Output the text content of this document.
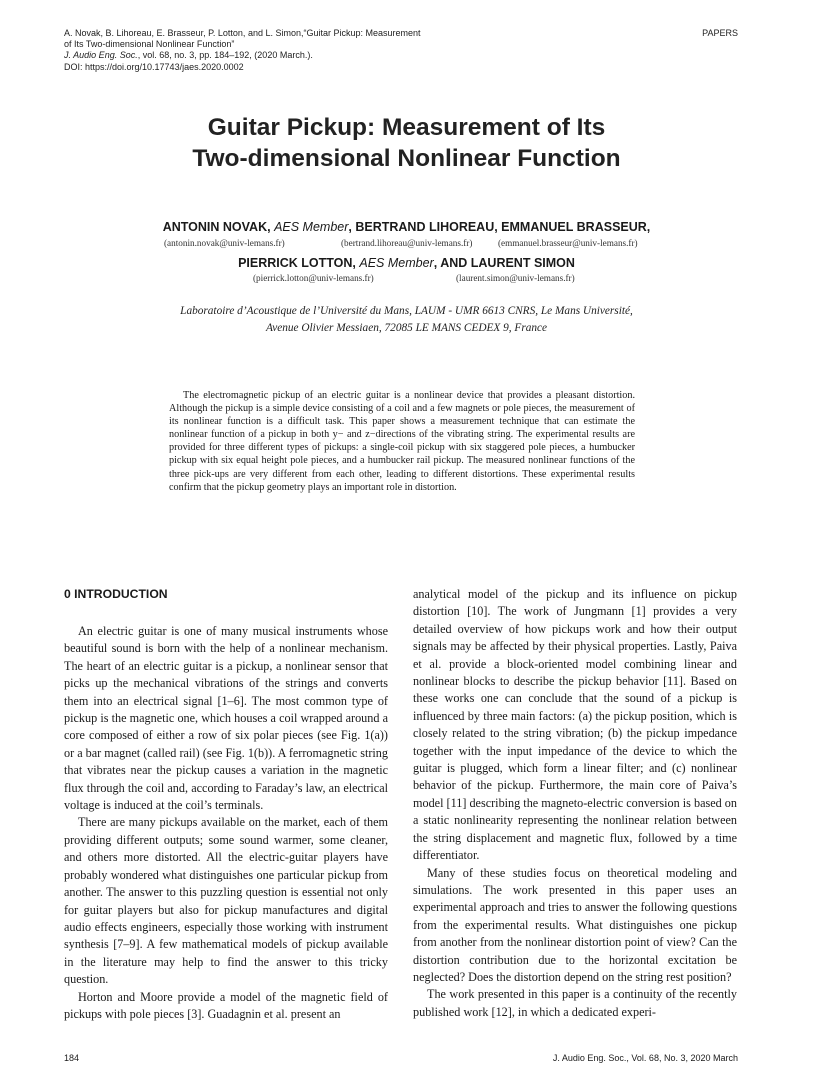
A. Novak, B. Lihoreau, E. Brasseur, P. Lotton, and L. Simon,“Guitar Pickup: Measurement
of Its Two-dimensional Nonlinear Function”
J. Audio Eng. Soc., vol. 68, no. 3, pp. 184–192, (2020 March.).
DOI: https://doi.org/10.17743/jaes.2020.0002
PAPERS
Guitar Pickup: Measurement of Its
Two-dimensional Nonlinear Function
ANTONIN NOVAK, AES Member, BERTRAND LIHOREAU, EMMANUEL BRASSEUR,
(antonin.novak@univ-lemans.fr)	(bertrand.lihoreau@univ-lemans.fr)	(emmanuel.brasseur@univ-lemans.fr)
PIERRICK LOTTON, AES Member, AND LAURENT SIMON
(pierrick.lotton@univ-lemans.fr)	(laurent.simon@univ-lemans.fr)
Laboratoire d’Acoustique de l’Université du Mans, LAUM - UMR 6613 CNRS, Le Mans Université,
Avenue Olivier Messiaen, 72085 LE MANS CEDEX 9, France
The electromagnetic pickup of an electric guitar is a nonlinear device that provides a pleasant distortion. Although the pickup is a simple device consisting of a coil and a few magnets or pole pieces, the measurement of its nonlinear function is a difficult task. This paper shows a measurement technique that can estimate the nonlinear function of a pickup in both y− and z−directions of the vibrating string. The experimental results are provided for three different types of pickups: a single-coil pickup with six staggered pole pieces, a humbucker pickup with six equal height pole pieces, and a humbucker rail pickup. The measured nonlinear functions of the three pick-ups are very different from each other, leading to different distortions. These experimental results confirm that the pickup geometry plays an important role in distortion.
0 INTRODUCTION

An electric guitar is one of many musical instruments whose beautiful sound is born with the help of a nonlinear mechanism. The heart of an electric guitar is a pickup, a nonlinear sensor that picks up the mechanical vibrations of the strings and converts them into an electrical signal [1–6]. The most common type of pickup is the magnetic one, which houses a coil wrapped around a core composed of either a row of six polar pieces (see Fig. 1(a)) or a bar magnet (called rail) (see Fig. 1(b)). A ferromagnetic string that vibrates near the pickup causes a variation in the magnetic flux through the coil and, according to Faraday’s law, an electrical voltage is induced at the coil’s terminals.

There are many pickups available on the market, each of them providing different outputs; some sound warmer, some cleaner, and others more distorted. All the electric-guitar players have probably wondered what distinguishes one particular pickup from another. The answer to this puzzling question is essential not only for guitar players but also for pickup manufactures and digital audio effects engineers, especially those working with instrument synthesis [7–9]. A few mathematical models of pickup available in the literature may help to find the answer to this tricky question.

Horton and Moore provide a model of the magnetic field of pickups with pole pieces [3]. Guadagnin et al. present an

analytical model of the pickup and its influence on pickup distortion [10]. The work of Jungmann [1] provides a very detailed overview of how pickups work and how their output signals may be affected by their physical properties. Lastly, Paiva et al. provide a block-oriented model combining linear and nonlinear blocks to describe the pickup behavior [11]. Based on these works one can conclude that the sound of a pickup is influenced by three main factors: (a) the pickup position, which is closely related to the string vibration; (b) the pickup impedance together with the input impedance of the device to which the guitar is plugged, which form a linear filter; and (c) nonlinear behavior of the pickup. Furthermore, the main core of Paiva’s model [11] describing the magneto-electric conversion is based on a static nonlinearity representing the nonlinear relation between the string displacement and magnetic flux, followed by a time differentiator.

Many of these studies focus on theoretical modeling and simulations. The work presented in this paper uses an experimental approach and tries to answer the following questions from the experimental results. What distinguishes one pickup from another from the nonlinear distortion point of view? Can the distortion contribution due to the horizontal excitation be neglected? Does the distortion depend on the string rest position?

The work presented in this paper is a continuity of the recently published work [12], in which a dedicated experi-

184	J. Audio Eng. Soc., Vol. 68, No. 3, 2020 March
